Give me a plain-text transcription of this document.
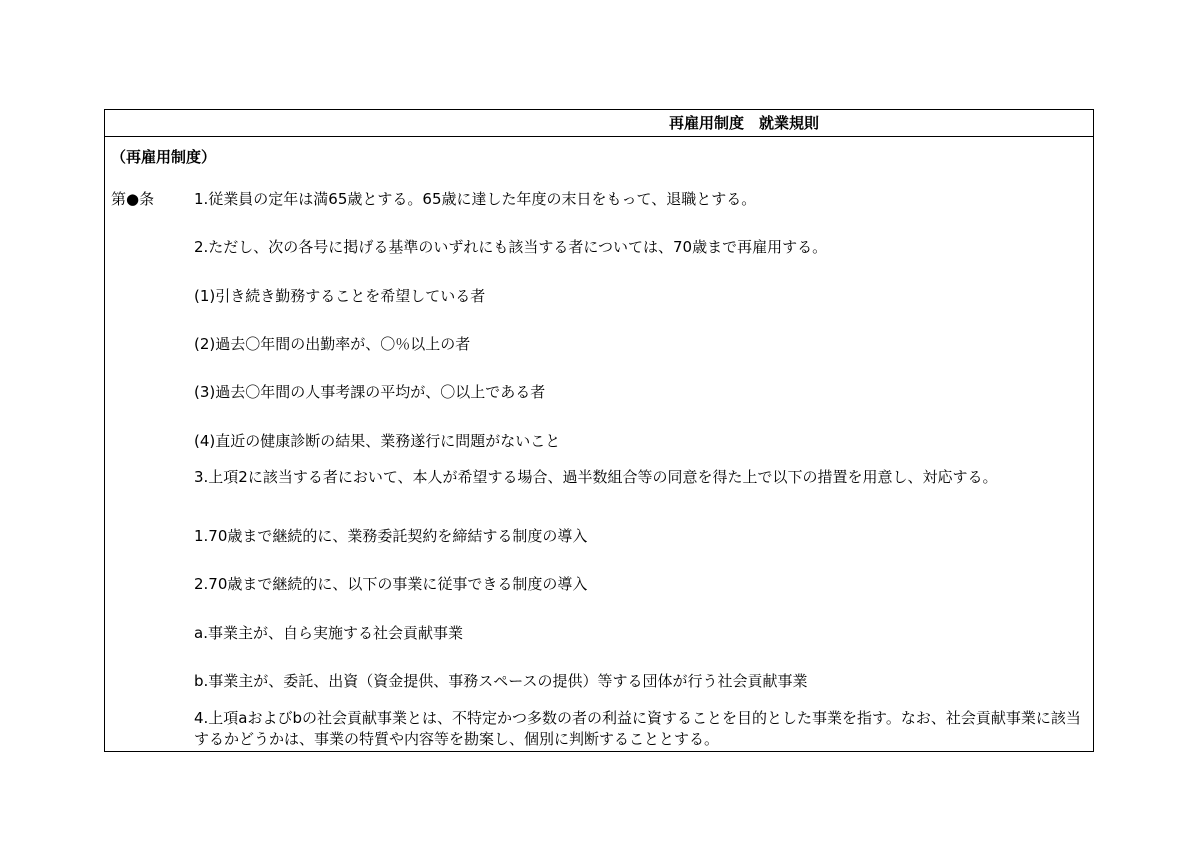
再雇用制度　就業規則
（再雇用制度）
第●条	1.従業員の定年は満65歳とする。65歳に達した年度の末日をもって、退職とする。
2.ただし、次の各号に掲げる基準のいずれにも該当する者については、70歳まで再雇用する。
(1)引き続き勤務することを希望している者
(2)過去〇年間の出勤率が、〇％以上の者
(3)過去〇年間の人事考課の平均が、〇以上である者
(4)直近の健康診断の結果、業務遂行に問題がないこと
3.上項2に該当する者において、本人が希望する場合、過半数組合等の同意を得た上で以下の措置を用意し、対応する。
1.70歳まで継続的に、業務委託契約を締結する制度の導入
2.70歳まで継続的に、以下の事業に従事できる制度の導入
a.事業主が、自ら実施する社会貢献事業
b.事業主が、委託、出資（資金提供、事務スペースの提供）等する団体が行う社会貢献事業
4.上項aおよびbの社会貢献事業とは、不特定かつ多数の者の利益に資することを目的とした事業を指す。なお、社会貢献事業に該当するかどうかは、事業の特質や内容等を勘案し、個別に判断することとする。
